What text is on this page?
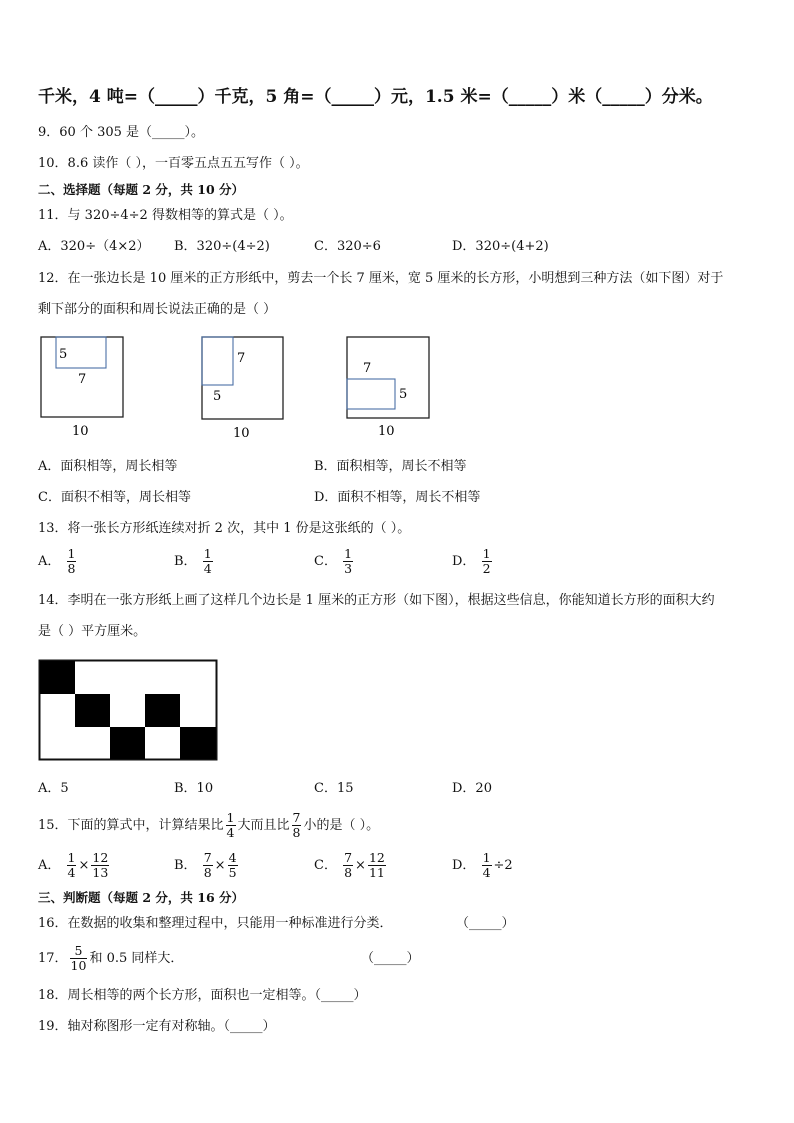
千米，4 吨=（_____）千克，5 角=（_____）元，1.5 米=（_____）米（_____）分米。
9．60 个 305 是（_____）。
10．8.6 读作（ ），一百零五点五五写作（ ）。
二、选择题（每题 2 分，共 10 分）
11．与 320÷4÷2 得数相等的算式是（ ）。
A．320÷（4×2） B．320÷(4÷2)	C．320÷6	D．320÷(4+2)
12．在一张边长是 10 厘米的正方形纸中，剪去一个长 7 厘米，宽 5 厘米的长方形，小明想到三种方法（如下图）对于
剩下部分的面积和周长说法正确的是（ ）
5
7
10
7
5
10
7
5
10
A．面积相等，周长相等	B．面积相等，周长不相等
C．面积不相等，周长相等	D．面积不相等，周长不相等
13．将一张长方形纸连续对折 2 次，其中 1 份是这张纸的（ ）。
A． $\frac{1}{8}$	B． $\frac{1}{4}$	C． $\frac{1}{3}$	D． $\frac{1}{2}$
14．李明在一张方形纸上画了这样几个边长是 1 厘米的正方形（如下图），根据这些信息，你能知道长方形的面积大约
是（ ）平方厘米。
A．5	B．10	C．15	D．20
15．下面的算式中，计算结果比 $\frac{1}{4}$ 大而且比 $\frac{7}{8}$ 小的是（ ）。
A． $\frac{1}{4} \times \frac{12}{13}$	B． $\frac{7}{8} \times \frac{4}{5}$	C． $\frac{7}{8} \times \frac{12}{11}$	D． $\frac{1}{4} \div 2$
三、判断题（每题 2 分，共 16 分）
16．在数据的收集和整理过程中，只能用一种标准进行分类．	（_____）
17． $\frac{5}{10}$ 和 0.5 同样大．	（_____）
18．周长相等的两个长方形，面积也一定相等。（_____）
19．轴对称图形一定有对称轴。（_____）
